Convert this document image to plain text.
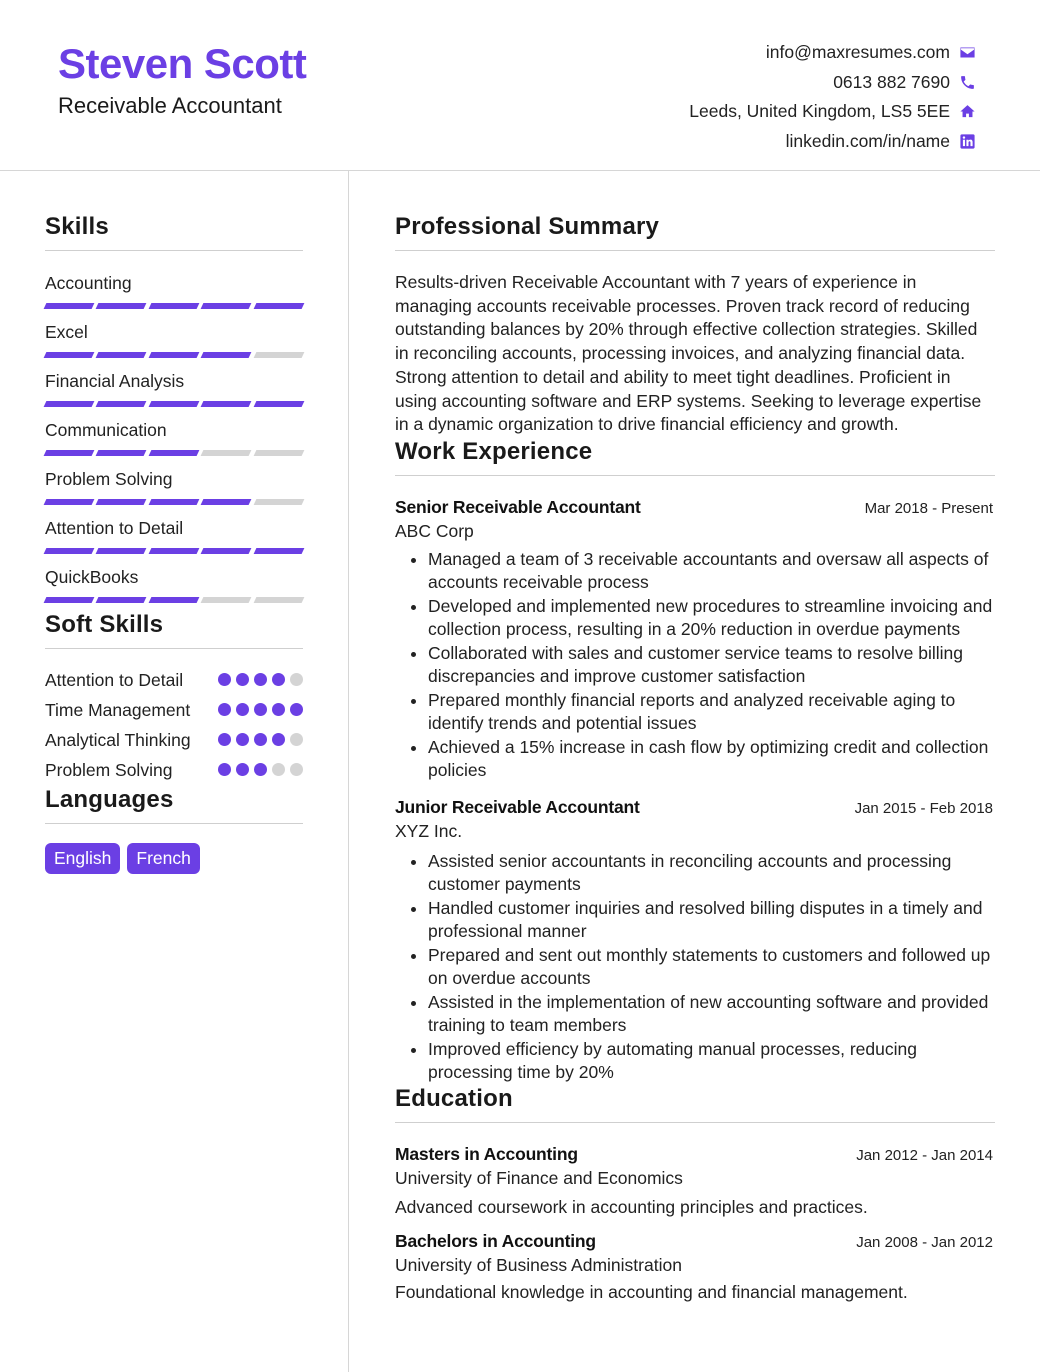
Steven Scott
Receivable Accountant
info@maxresumes.com
0613 882 7690
Leeds, United Kingdom, LS5 5EE
linkedin.com/in/name
Skills
Accounting
Excel
Financial Analysis
Communication
Problem Solving
Attention to Detail
QuickBooks
Soft Skills
Attention to Detail
Time Management
Analytical Thinking
Problem Solving
Languages
English	French
Professional Summary
Results-driven Receivable Accountant with 7 years of experience in managing accounts receivable processes. Proven track record of reducing outstanding balances by 20% through effective collection strategies. Skilled in reconciling accounts, processing invoices, and analyzing financial data. Strong attention to detail and ability to meet tight deadlines. Proficient in using accounting software and ERP systems. Seeking to leverage expertise in a dynamic organization to drive financial efficiency and growth.
Work Experience
Senior Receivable Accountant	Mar 2018 - Present
ABC Corp
• Managed a team of 3 receivable accountants and oversaw all aspects of accounts receivable process
• Developed and implemented new procedures to streamline invoicing and collection process, resulting in a 20% reduction in overdue payments
• Collaborated with sales and customer service teams to resolve billing discrepancies and improve customer satisfaction
• Prepared monthly financial reports and analyzed receivable aging to identify trends and potential issues
• Achieved a 15% increase in cash flow by optimizing credit and collection policies
Junior Receivable Accountant	Jan 2015 - Feb 2018
XYZ Inc.
• Assisted senior accountants in reconciling accounts and processing customer payments
• Handled customer inquiries and resolved billing disputes in a timely and professional manner
• Prepared and sent out monthly statements to customers and followed up on overdue accounts
• Assisted in the implementation of new accounting software and provided training to team members
• Improved efficiency by automating manual processes, reducing processing time by 20%
Education
Masters in Accounting	Jan 2012 - Jan 2014
University of Finance and Economics
Advanced coursework in accounting principles and practices.
Bachelors in Accounting	Jan 2008 - Jan 2012
University of Business Administration
Foundational knowledge in accounting and financial management.
